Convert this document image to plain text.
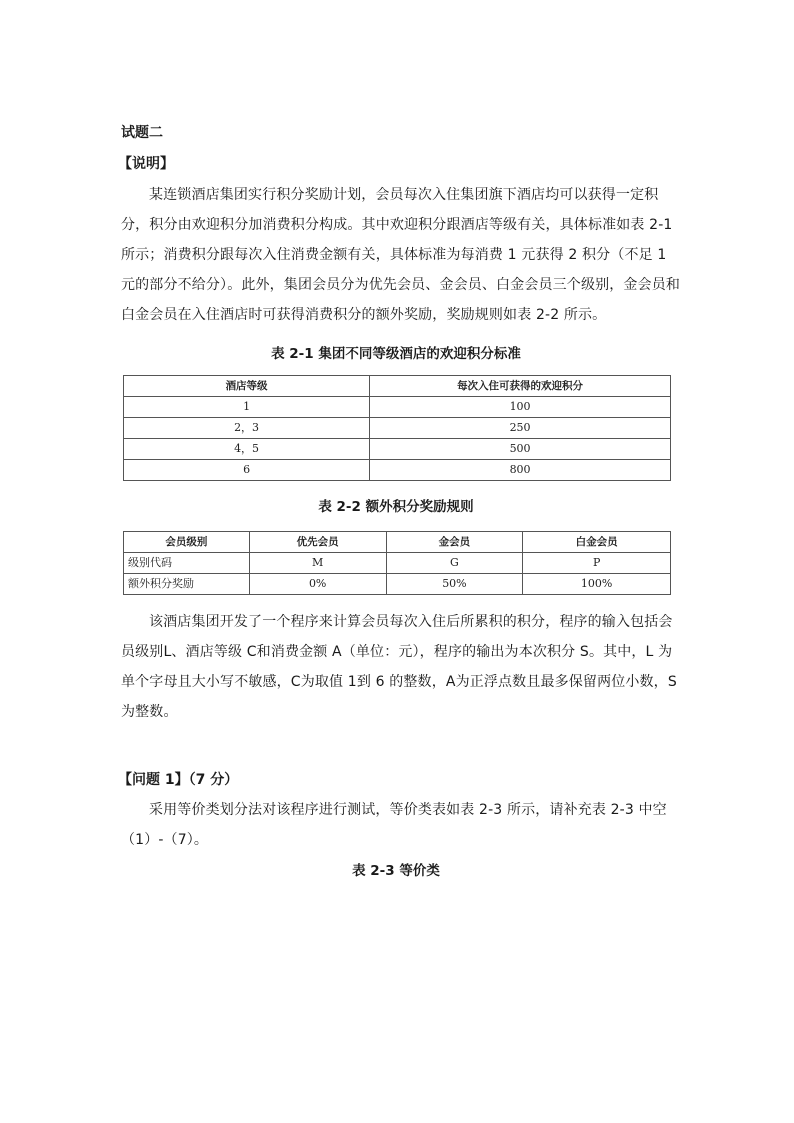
试题二
【说明】

某连锁酒店集团实行积分奖励计划，会员每次入住集团旗下酒店均可以获得一定积分，积分由欢迎积分加消费积分构成。其中欢迎积分跟酒店等级有关，具体标准如表 2-1 所示；消费积分跟每次入住消费金额有关，具体标准为每消费 1 元获得 2 积分（不足 1 元的部分不给分）。此外，集团会员分为优先会员、金会员、白金会员三个级别，金会员和白金会员在入住酒店时可获得消费积分的额外奖励，奖励规则如表 2-2 所示。

表 2-1 集团不同等级酒店的欢迎积分标准
酒店等级	每次入住可获得的欢迎积分
1	100
2，3	250
4，5	500
6	800
表 2-2 额外积分奖励规则
会员级别	优先会员	金会员	白金会员
级别代码	M	G	P
额外积分奖励	0%	50%	100%

该酒店集团开发了一个程序来计算会员每次入住后所累积的积分，程序的输入包括会员级别L、酒店等级 C和消费金额 A（单位：元），程序的输出为本次积分 S。其中，L 为单个字母且大小写不敏感，C为取值 1到 6 的整数，A为正浮点数且最多保留两位小数，S为整数。

【问题 1】（7 分）

采用等价类划分法对该程序进行测试，等价类表如表 2-3 所示，请补充表 2-3 中空（1）-（7）。

表 2-3 等价类
